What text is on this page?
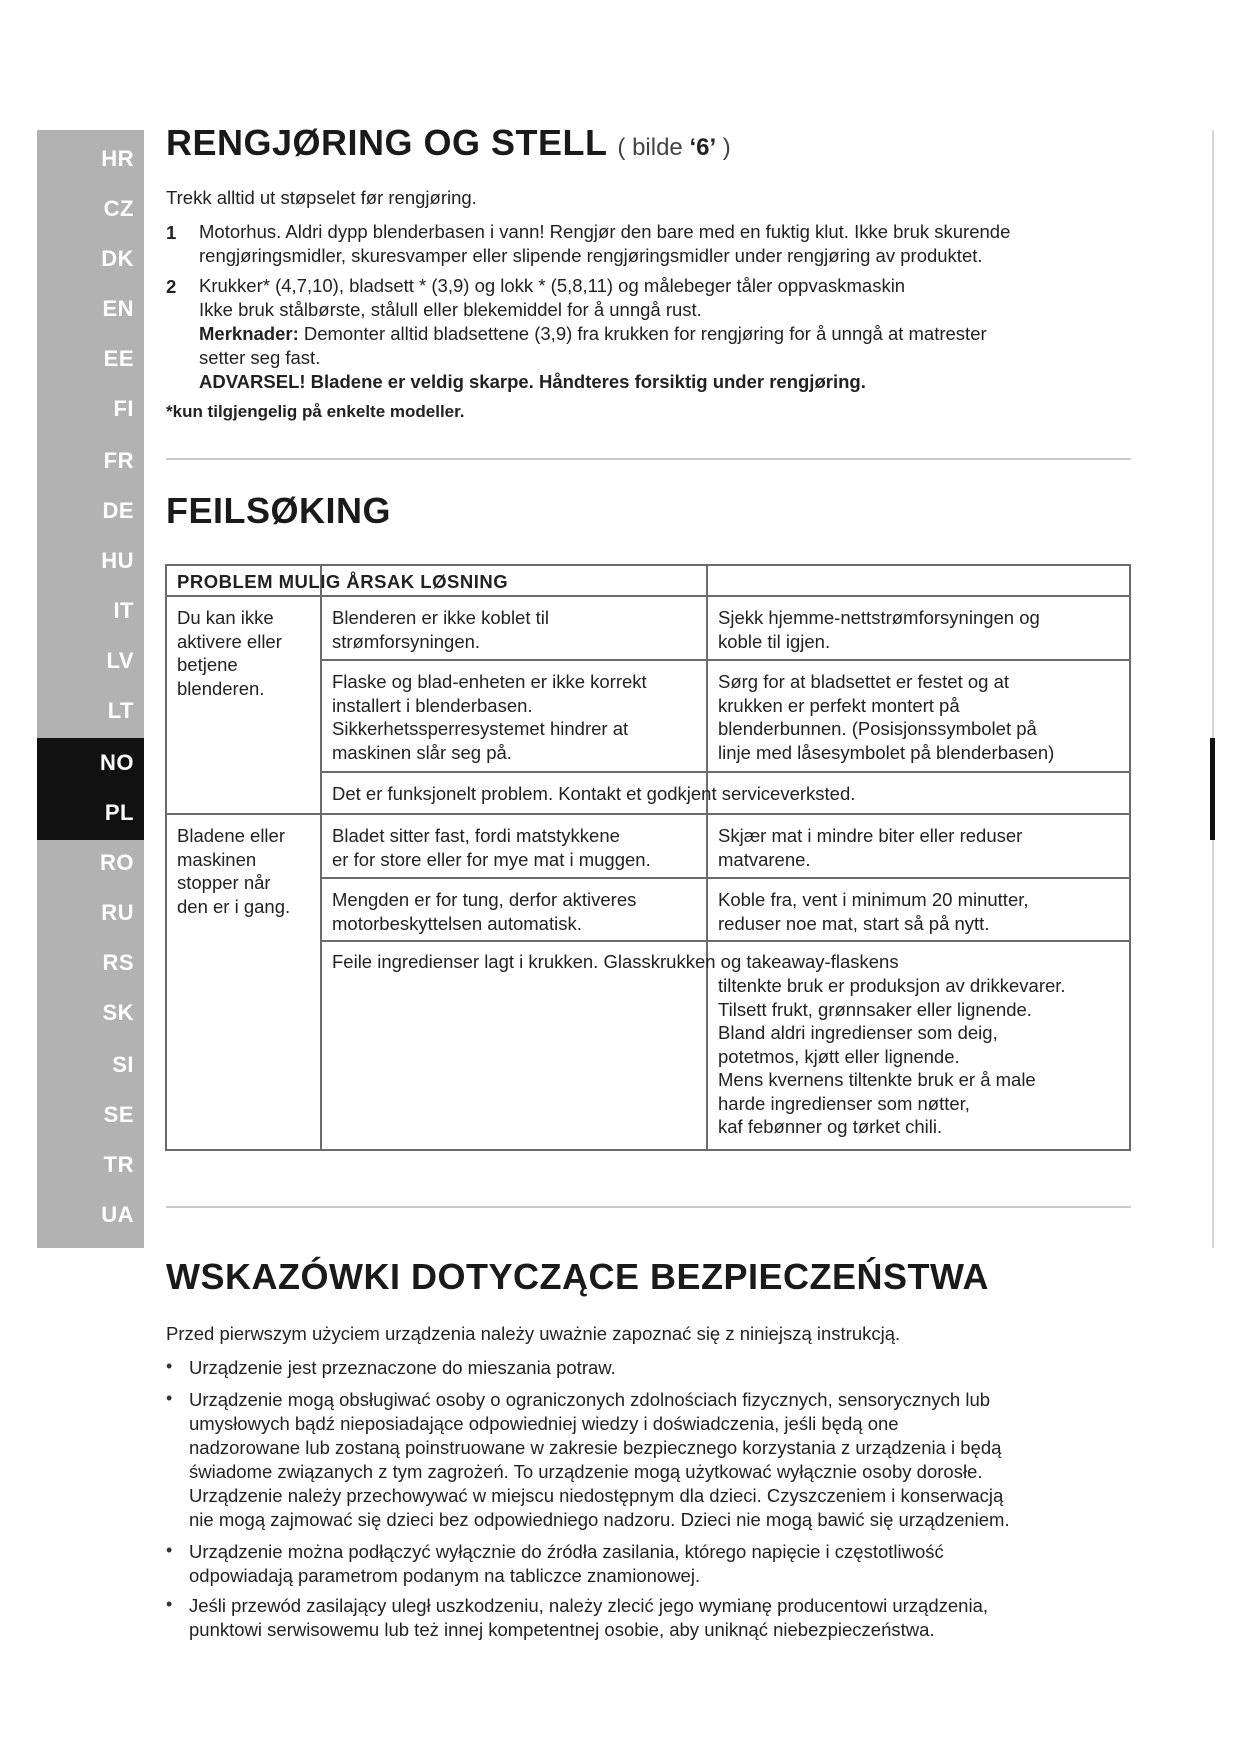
HR
CZ
DK
EN
EE
FI
FR
DE
HU
IT
LV
LT
NO
PL
RO
RU
RS
SK
SI
SE
TR
UA
RENGJØRING OG STELL ( bilde ‘6’ )
Trekk alltid ut støpselet før rengjøring.
1 Motorhus. Aldri dypp blenderbasen i vann! Rengjør den bare med en fuktig klut. Ikke bruk skurende
rengjøringsmidler, skuresvamper eller slipende rengjøringsmidler under rengjøring av produktet.
2 Krukker* (4,7,10), bladsett * (3,9) og lokk * (5,8,11) og målebeger tåler oppvaskmaskin
Ikke bruk stålbørste, stålull eller blekemiddel for å unngå rust.
Merknader: Demonter alltid bladsettene (3,9) fra krukken for rengjøring for å unngå at matrester
setter seg fast.
ADVARSEL! Bladene er veldig skarpe. Håndteres forsiktig under rengjøring.
*kun tilgjengelig på enkelte modeller.
FEILSØKING
PROBLEM MULIG ÅRSAK LØSNING
Du kan ikke
aktivere eller
betjene
blenderen.
Blenderen er ikke koblet til
strømforsyningen.
Sjekk hjemme-nettstrømforsyningen og
koble til igjen.
Flaske og blad-enheten er ikke korrekt
installert i blenderbasen.
Sikkerhetssperresystemet hindrer at
maskinen slår seg på.
Sørg for at bladsettet er festet og at
krukken er perfekt montert på
blenderbunnen. (Posisjonssymbolet på
linje med låsesymbolet på blenderbasen)
Det er funksjonelt problem. Kontakt et godkjent serviceverksted.
Bladene eller
maskinen
stopper når
den er i gang.
Bladet sitter fast, fordi matstykkene
er for store eller for mye mat i muggen.
Skjær mat i mindre biter eller reduser
matvarene.
Mengden er for tung, derfor aktiveres
motorbeskyttelsen automatisk.
Koble fra, vent i minimum 20 minutter,
reduser noe mat, start så på nytt.
Feile ingredienser lagt i krukken. Glasskrukken og takeaway-flaskens
tiltenkte bruk er produksjon av drikkevarer.
Tilsett frukt, grønnsaker eller lignende.
Bland aldri ingredienser som deig,
potetmos, kjøtt eller lignende.
Mens kvernens tiltenkte bruk er å male
harde ingredienser som nøtter,
kaf febønner og tørket chili.
WSKAZÓWKI DOTYCZĄCE BEZPIECZEŃSTWA
Przed pierwszym użyciem urządzenia należy uważnie zapoznać się z niniejszą instrukcją.
• Urządzenie jest przeznaczone do mieszania potraw.
• Urządzenie mogą obsługiwać osoby o ograniczonych zdolnościach fizycznych, sensorycznych lub
umysłowych bądź nieposiadające odpowiedniej wiedzy i doświadczenia, jeśli będą one
nadzorowane lub zostaną poinstruowane w zakresie bezpiecznego korzystania z urządzenia i będą
świadome związanych z tym zagrożeń. To urządzenie mogą użytkować wyłącznie osoby dorosłe.
Urządzenie należy przechowywać w miejscu niedostępnym dla dzieci. Czyszczeniem i konserwacją
nie mogą zajmować się dzieci bez odpowiedniego nadzoru. Dzieci nie mogą bawić się urządzeniem.
• Urządzenie można podłączyć wyłącznie do źródła zasilania, którego napięcie i częstotliwość
odpowiadają parametrom podanym na tabliczce znamionowej.
• Jeśli przewód zasilający uległ uszkodzeniu, należy zlecić jego wymianę producentowi urządzenia,
punktowi serwisowemu lub też innej kompetentnej osobie, aby uniknąć niebezpieczeństwa.
